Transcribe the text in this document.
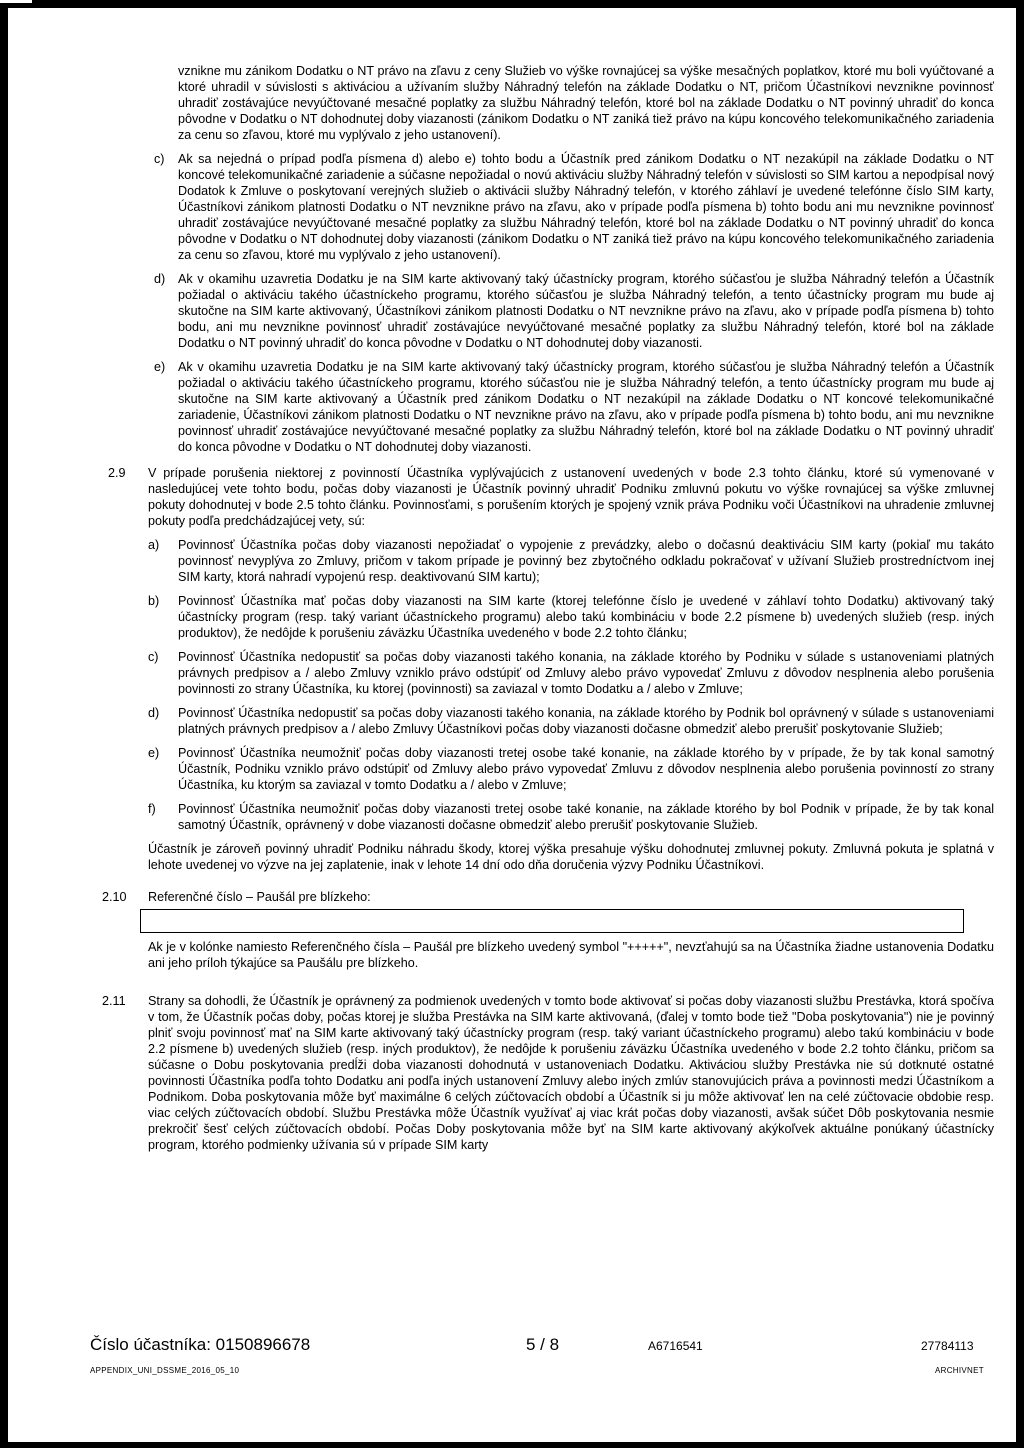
vznikne mu zánikom Dodatku o NT právo na zľavu z ceny Služieb vo výške rovnajúcej sa výške mesačných poplatkov, ktoré mu boli vyúčtované a ktoré uhradil v súvislosti s aktiváciou a užívaním služby Náhradný telefón na základe Dodatku o NT, pričom Účastníkovi nevznikne povinnosť uhradiť zostávajúce nevyúčtované mesačné poplatky za službu Náhradný telefón, ktoré bol na základe Dodatku o NT povinný uhradiť do konca pôvodne v Dodatku o NT dohodnutej doby viazanosti (zánikom Dodatku o NT zaniká tiež právo na kúpu koncového telekomunikačného zariadenia za cenu so zľavou, ktoré mu vyplývalo z jeho ustanovení).
c) Ak sa nejedná o prípad podľa písmena d) alebo e) tohto bodu a Účastník pred zánikom Dodatku o NT nezakúpil na základe Dodatku o NT koncové telekomunikačné zariadenie a súčasne nepožiadal o novú aktiváciu služby Náhradný telefón v súvislosti so SIM kartou a nepodpísal nový Dodatok k Zmluve o poskytovaní verejných služieb o aktivácii služby Náhradný telefón, v ktorého záhlaví je uvedené telefónne číslo SIM karty, Účastníkovi zánikom platnosti Dodatku o NT nevznikne právo na zľavu, ako v prípade podľa písmena b) tohto bodu ani mu nevznikne povinnosť uhradiť zostávajúce nevyúčtované mesačné poplatky za službu Náhradný telefón, ktoré bol na základe Dodatku o NT povinný uhradiť do konca pôvodne v Dodatku o NT dohodnutej doby viazanosti (zánikom Dodatku o NT zaniká tiež právo na kúpu koncového telekomunikačného zariadenia za cenu so zľavou, ktoré mu vyplývalo z jeho ustanovení).
d) Ak v okamihu uzavretia Dodatku je na SIM karte aktivovaný taký účastnícky program, ktorého súčasťou je služba Náhradný telefón a Účastník požiadal o aktiváciu takého účastníckeho programu, ktorého súčasťou je služba Náhradný telefón, a tento účastnícky program mu bude aj skutočne na SIM karte aktivovaný, Účastníkovi zánikom platnosti Dodatku o NT nevznikne právo na zľavu, ako v prípade podľa písmena b) tohto bodu, ani mu nevznikne povinnosť uhradiť zostávajúce nevyúčtované mesačné poplatky za službu Náhradný telefón, ktoré bol na základe Dodatku o NT povinný uhradiť do konca pôvodne v Dodatku o NT dohodnutej doby viazanosti.
e) Ak v okamihu uzavretia Dodatku je na SIM karte aktivovaný taký účastnícky program, ktorého súčasťou je služba Náhradný telefón a Účastník požiadal o aktiváciu takého účastníckeho programu, ktorého súčasťou nie je služba Náhradný telefón, a tento účastnícky program mu bude aj skutočne na SIM karte aktivovaný a Účastník pred zánikom Dodatku o NT nezakúpil na základe Dodatku o NT koncové telekomunikačné zariadenie, Účastníkovi zánikom platnosti Dodatku o NT nevznikne právo na zľavu, ako v prípade podľa písmena b) tohto bodu, ani mu nevznikne povinnosť uhradiť zostávajúce nevyúčtované mesačné poplatky za službu Náhradný telefón, ktoré bol na základe Dodatku o NT povinný uhradiť do konca pôvodne v Dodatku o NT dohodnutej doby viazanosti.
2.9 V prípade porušenia niektorej z povinností Účastníka vyplývajúcich z ustanovení uvedených v bode 2.3 tohto článku, ktoré sú vymenované v nasledujúcej vete tohto bodu, počas doby viazanosti je Účastník povinný uhradiť Podniku zmluvnú pokutu vo výške rovnajúcej sa výške zmluvnej pokuty dohodnutej v bode 2.5 tohto článku. Povinnosťami, s porušením ktorých je spojený vznik práva Podniku voči Účastníkovi na uhradenie zmluvnej pokuty podľa predchádzajúcej vety, sú:
a) Povinnosť Účastníka počas doby viazanosti nepožiadať o vypojenie z prevádzky, alebo o dočasnú deaktiváciu SIM karty (pokiaľ mu takáto povinnosť nevyplýva zo Zmluvy, pričom v takom prípade je povinný bez zbytočného odkladu pokračovať v užívaní Služieb prostredníctvom inej SIM karty, ktorá nahradí vypojenú resp. deaktivovanú SIM kartu);
b) Povinnosť Účastníka mať počas doby viazanosti na SIM karte (ktorej telefónne číslo je uvedené v záhlaví tohto Dodatku) aktivovaný taký účastnícky program (resp. taký variant účastníckeho programu) alebo takú kombináciu v bode 2.2 písmene b) uvedených služieb (resp. iných produktov), že nedôjde k porušeniu záväzku Účastníka uvedeného v bode 2.2 tohto článku;
c) Povinnosť Účastníka nedopustiť sa počas doby viazanosti takého konania, na základe ktorého by Podniku v súlade s ustanoveniami platných právnych predpisov a / alebo Zmluvy vzniklo právo odstúpiť od Zmluvy alebo právo vypovedať Zmluvu z dôvodov nesplnenia alebo porušenia povinnosti zo strany Účastníka, ku ktorej (povinnosti) sa zaviazal v tomto Dodatku a / alebo v Zmluve;
d) Povinnosť Účastníka nedopustiť sa počas doby viazanosti takého konania, na základe ktorého by Podnik bol oprávnený v súlade s ustanoveniami platných právnych predpisov a / alebo Zmluvy Účastníkovi počas doby viazanosti dočasne obmedziť alebo prerušiť poskytovanie Služieb;
e) Povinnosť Účastníka neumožniť počas doby viazanosti tretej osobe také konanie, na základe ktorého by v prípade, že by tak konal samotný Účastník, Podniku vzniklo právo odstúpiť od Zmluvy alebo právo vypovedať Zmluvu z dôvodov nesplnenia alebo porušenia povinností zo strany Účastníka, ku ktorým sa zaviazal v tomto Dodatku a / alebo v Zmluve;
f) Povinnosť Účastníka neumožniť počas doby viazanosti tretej osobe také konanie, na základe ktorého by bol Podnik v prípade, že by tak konal samotný Účastník, oprávnený v dobe viazanosti dočasne obmedziť alebo prerušiť poskytovanie Služieb.
Účastník je zároveň povinný uhradiť Podniku náhradu škody, ktorej výška presahuje výšku dohodnutej zmluvnej pokuty. Zmluvná pokuta je splatná v lehote uvedenej vo výzve na jej zaplatenie, inak v lehote 14 dní odo dňa doručenia výzvy Podniku Účastníkovi.
2.10 Referenčné číslo – Paušál pre blízkeho:
Ak je v kolónke namiesto Referenčného čísla – Paušál pre blízkeho uvedený symbol "+++++", nevzťahujú sa na Účastníka žiadne ustanovenia Dodatku ani jeho príloh týkajúce sa Paušálu pre blízkeho.
2.11 Strany sa dohodli, že Účastník je oprávnený za podmienok uvedených v tomto bode aktivovať si počas doby viazanosti službu Prestávka, ktorá spočíva v tom, že Účastník počas doby, počas ktorej je služba Prestávka na SIM karte aktivovaná, (ďalej v tomto bode tiež "Doba poskytovania") nie je povinný plniť svoju povinnosť mať na SIM karte aktivovaný taký účastnícky program (resp. taký variant účastníckeho programu) alebo takú kombináciu v bode 2.2 písmene b) uvedených služieb (resp. iných produktov), že nedôjde k porušeniu záväzku Účastníka uvedeného v bode 2.2 tohto článku, pričom sa súčasne o Dobu poskytovania predĺži doba viazanosti dohodnutá v ustanoveniach Dodatku. Aktiváciou služby Prestávka nie sú dotknuté ostatné povinnosti Účastníka podľa tohto Dodatku ani podľa iných ustanovení Zmluvy alebo iných zmlúv stanovujúcich práva a povinnosti medzi Účastníkom a Podnikom. Doba poskytovania môže byť maximálne 6 celých zúčtovacích období a Účastník si ju môže aktivovať len na celé zúčtovacie obdobie resp. viac celých zúčtovacích období. Službu Prestávka môže Účastník využívať aj viac krát počas doby viazanosti, avšak súčet Dôb poskytovania nesmie prekročiť šesť celých zúčtovacích období. Počas Doby poskytovania môže byť na SIM karte aktivovaný akýkoľvek aktuálne ponúkaný účastnícky program, ktorého podmienky užívania sú v prípade SIM karty
Číslo účastníka: 0150896678	5 / 8	A6716541	27784113
APPENDIX_UNI_DSSME_2016_05_10	ARCHIVNET
